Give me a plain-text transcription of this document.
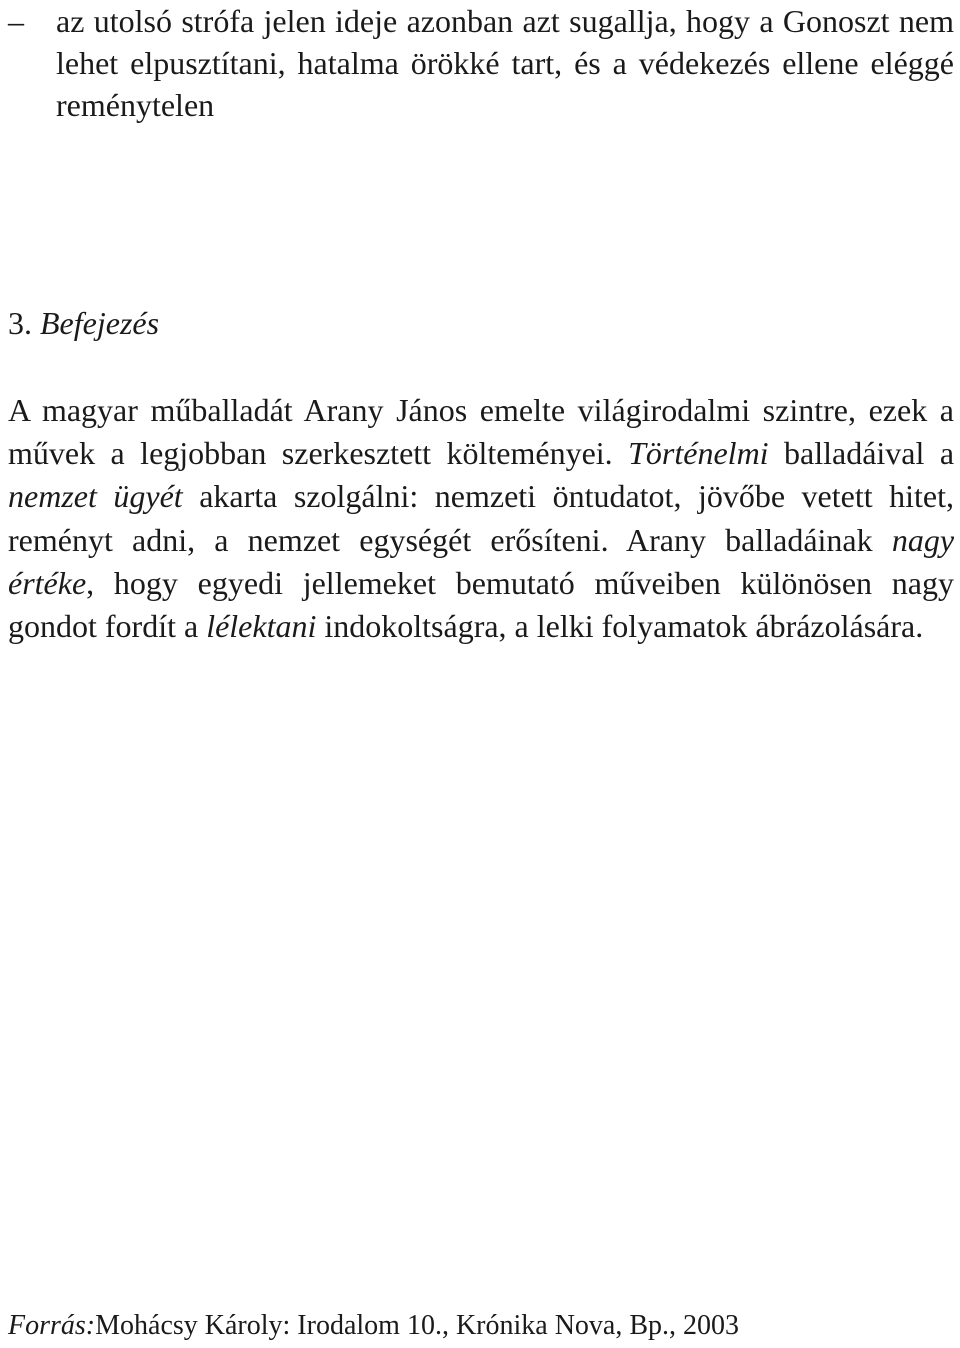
– az utolsó strófa jelen ideje azonban azt sugallja, hogy a Gonoszt nem lehet elpusztítani, hatalma örökké tart, és a védekezés ellene eléggé reménytelen
3. Befejezés
A magyar műballadát Arany János emelte világirodalmi szintre, ezek a művek a legjobban szerkesztett költeményei. Történelmi balladáival a nemzet ügyét akarta szolgálni: nemzeti öntudatot, jövőbe vetett hitet, reményt adni, a nemzet egységét erősíteni. Arany balladáinak nagy értéke, hogy egyedi jellemeket bemutató műveiben különösen nagy gondot fordít a lélektani indokoltságra, a lelki folyamatok ábrázolására.
Forrás:Mohácsy Károly: Irodalom 10., Krónika Nova, Bp., 2003
